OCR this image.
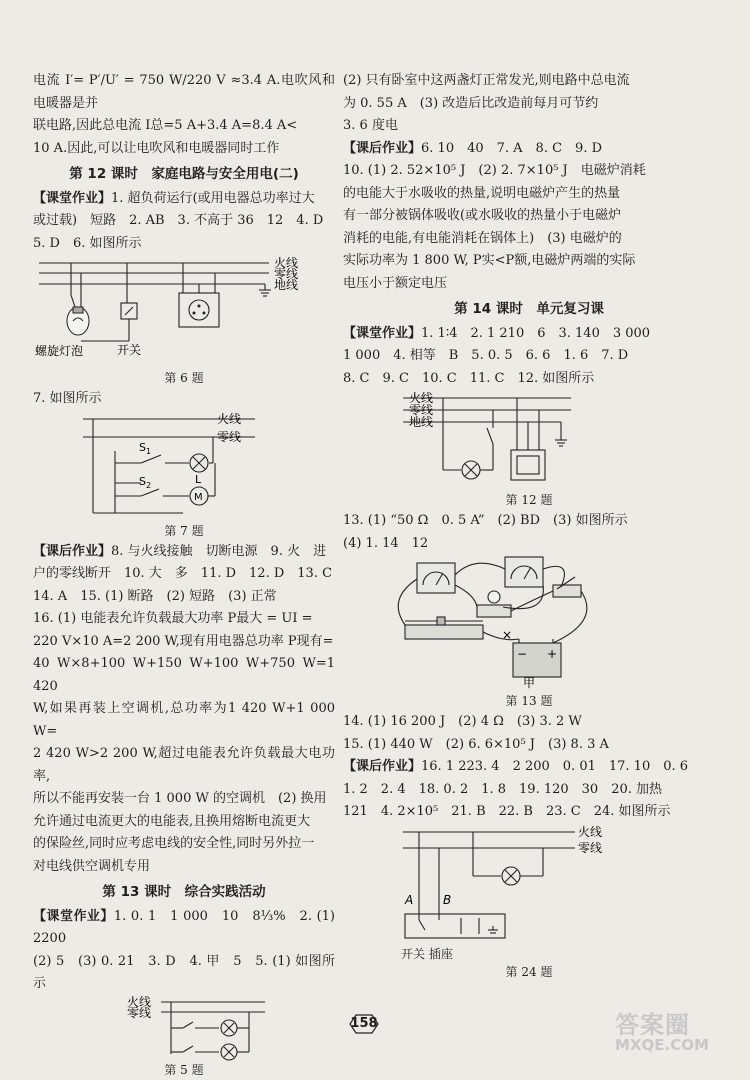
电流 I′= P′/U′ = 750 W/220 V ≈3.4 A.电吹风和电暖器是并

联电路,因此总电流 I总=5 A+3.4 A=8.4 A<

10 A.因此,可以让电吹风和电暖器同时工作

第 12 课时　家庭电路与安全用电(二)

【课堂作业】1. 超负荷运行(或用电器总功率过大

或过载)　短路　2. AB　3. 不高于 36　12　4. D

5. D　6. 如图所示

火线
零线
地线
螺旋灯泡	开关
第 6 题

7. 如图所示

火线
零线
$S_1$
$S_2$	L
M
第 7 题

【课后作业】8. 与火线接触　切断电源　9. 火　进

户的零线断开　10. 大　多　11. D　12. D　13. C

14. A　15. (1) 断路　(2) 短路　(3) 正常

16. (1) 电能表允许负载最大功率 P最大 = UI =

220 V×10 A=2 200 W,现有用电器总功率 P现有=

40 W×8+100 W+150 W+100 W+750 W=1 420

W,如果再装上空调机,总功率为1 420 W+1 000 W=

2 420 W>2 200 W,超过电能表允许负载最大电功率,

所以不能再安装一台 1 000 W 的空调机　(2) 换用

允许通过电流更大的电能表,且换用熔断电流更大

的保险丝,同时应考虑电线的安全性,同时另外拉一

对电线供空调机专用

第 13 课时　综合实践活动

【课堂作业】1. 0. 1　1 000　10　8⅓%　2. (1) 2200

(2) 5　(3) 0. 21　3. D　4. 甲　5　5. (1) 如图所示

火线
零线
第 5 题

(2) 只有卧室中这两盏灯正常发光,则电路中总电流

为 0. 55 A　(3) 改造后比改造前每月可节约

3. 6 度电

【课后作业】6. 10　40　7. A　8. C　9. D

10. (1) 2. 52×10⁵ J　(2) 2. 7×10⁵ J　电磁炉消耗

的电能大于水吸收的热量,说明电磁炉产生的热量

有一部分被锅体吸收(或水吸收的热量小于电磁炉

消耗的电能,有电能消耗在锅体上)　(3) 电磁炉的

实际功率为 1 800 W, P实<P额,电磁炉两端的实际

电压小于额定电压

第 14 课时　单元复习课

【课堂作业】1. 1∶4　2. 1 210　6　3. 140　3 000

1 000　4. 相等　B　5. 0. 5　6. 6　1. 6　7. D

8. C　9. C　10. C　11. C　12. 如图所示

火线
零线
地线
第 12 题

13. (1) “50 Ω　0. 5 A”　(2) BD　(3) 如图所示

(4) 1. 14　12

×
− +
甲
第 13 题

14. (1) 16 200 J　(2) 4 Ω　(3) 3. 2 W

15. (1) 440 W　(2) 6. 6×10⁵ J　(3) 8. 3 A

【课后作业】16. 1 223. 4　2 200　0. 01　17. 10　0. 6

1. 2　2. 4　18. 0. 2　1. 8　19. 120　30　20. 加热

121　4. 2×10⁵　21. B　22. B　23. C　24. 如图所示

火线
零线
A B
开关 插座
第 24 题
158	答案圈
MXQE.COM
